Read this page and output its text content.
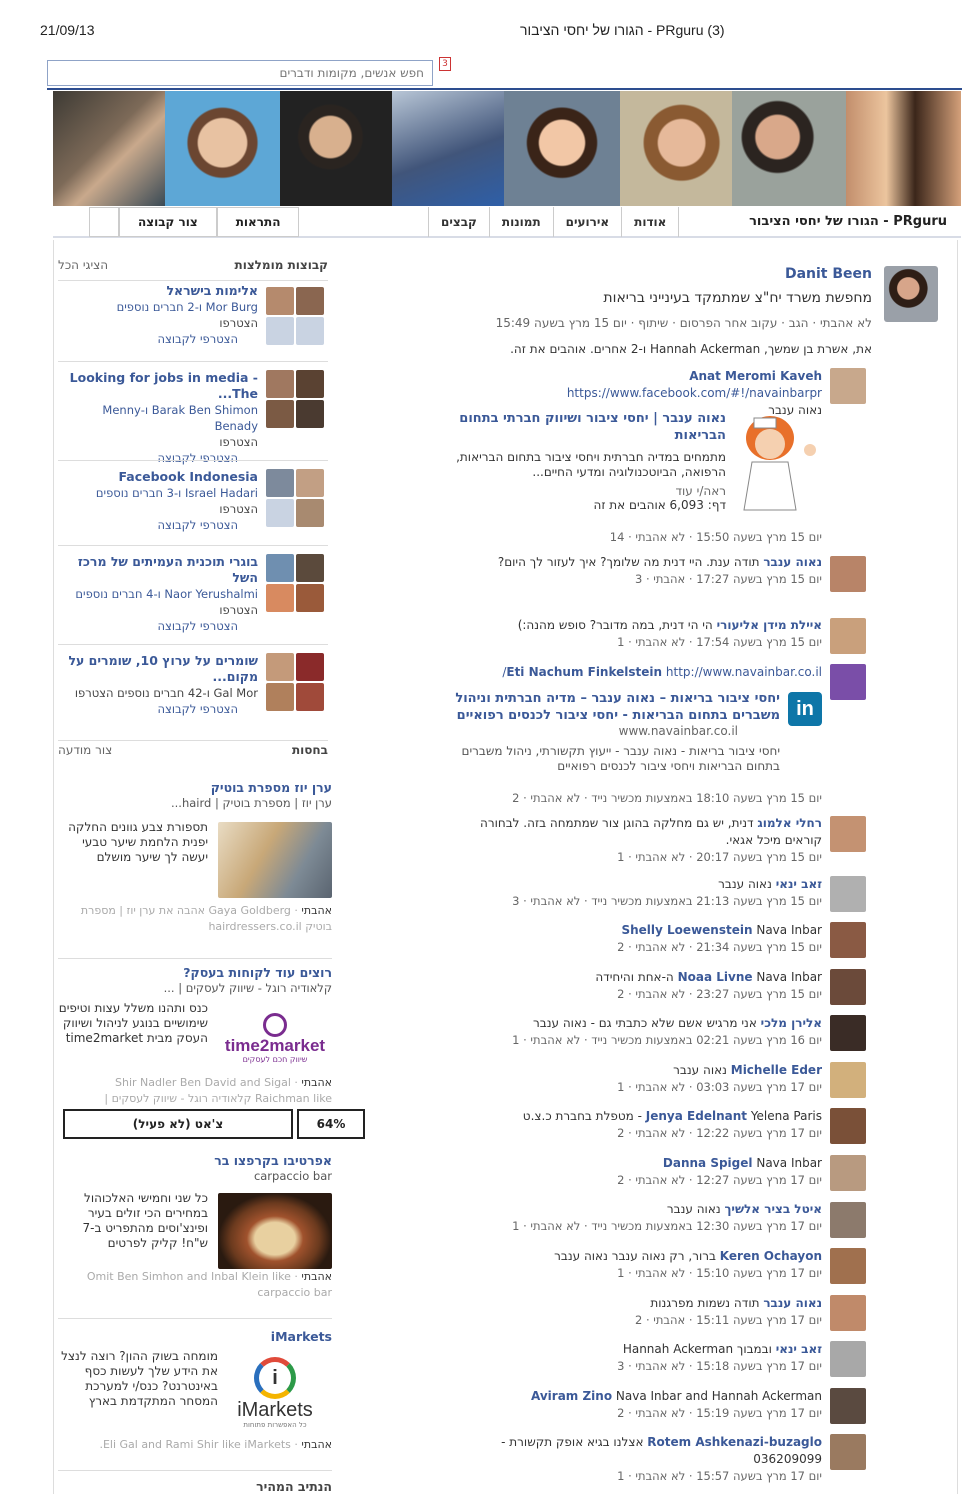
21/09/13	(3) PRguru - הגורו של יחסי הציבור
חפש אנשים, מקומות ודברים
3
PRguru - הגורו של יחסי הציבור
קבצים	תמונות	אירועים	אודות
צור קבוצה	התראות
קבוצות מומלצות
הציגי הכל
אלימות בישראל
Mor Burg ו-2 חברים נוספים
הצטרפו
הצטרפי לקבוצה
Looking for jobs in media - The...
Barak Ben Shimon ו-Menny Benady
הצטרפו
הצטרפי לקבוצה
Facebook Indonesia
Israel Hadari ו-3 חברים נוספים
הצטרפו
הצטרפי לקבוצה
בוגרי תוכנית העמיתים של מרכז השל
Naor Yerushalmi ו-4 חברים נוספים
הצטרפו
הצטרפי לקבוצה
שומרים על ערוץ 10, שומרים על מקום...
Gal Mor ו-42 חברים נוספים הצטרפו
הצטרפי לקבוצה
בחסות
צור מודעה
ערן יוז מספרת בוטיק
ערן יוז | מספרת בוטיק | haird...
תספורת צבע גוונים החלקה יפנית הלחמת שיער טבעי יעשה לך שיער מושלם
אהבתי · Gaya Goldberg אהבה את ערן יוז | מספרת בוטיק hairdressers.co.il
רוצים עוד לקוחות בעסק?
קלאודיה רוגל - שיווק לעסקים | ...
time2market
שיווק חכם לעסקים
כנס ותהנו משלל עצות וטיפים שימושיים בנוגע לניהול ושיווק העסק מבית time2market
אהבתי · Shir Nadler Ben David and Sigal Raichman like קלאודיה רוגל - שיווק לעסקים |
צ'אט (לא פעיל)	64%
אפרטיבו בקרפצו בר
carpaccio bar
כל שני וחמישי האלכוהול במחירים הכי זולים בעיר ופינצ'וסים מהתפריט ב-7 ש"ח! קליק לפרטים
אהבתי · Omit Ben Simhon and Inbal Klein like carpaccio bar
iMarkets
i
iMarkets
כל האפשרות פתוחות
מומחה בשוק ההון? רוצה לנצל את הידע שלך לעשות כסף באינטרנט? כנס/י למערכת המסחר המתקדמת בארץ
אהבתי · Eli Gal and Rami Shir like iMarkets.
הנתיב המהיר
Danit Been
מחפשת משרד יח"צ שמתמקד בעינייני בריאות
לא אהבתי · הגב · עקוב אחר הפרסום · שיתוף · יום 15 מרץ בשעה 15:49
את, אשרת בן שמשך, Hannah Ackerman ו-2 אחרים. אוהבים את זה.
Anat Meromi Kaveh https://www.facebook.com/#!/navainbarpr
נאוה ענבר
נאוה ענבר | יחסי ציבור ושיווק חברתי בתחום הבריאות
מתמחים במדיה חברתית ויחסי ציבור בתחום הבריאות, הרפואה, הביוטכנולוגיה ומדעי החיים...
ראה/י עוד
דף: 6,093 אוהבים את זה
יום 15 מרץ בשעה 15:50 · לא אהבתי · 14
נאוה ענבר תודה ענת. היי דנית מה שלומך? איך לעזור לך היום?
יום 15 מרץ בשעה 17:27 · אהבתי · 3
איילת מידן אליעורי הי הי דנית, במה מדובר? סופש מהנה:)
יום 15 מרץ בשעה 17:54 · לא אהבתי · 1
Eti Nachum Finkelstein http://www.navainbar.co.il/
in
יחסי ציבור בריאות – נאוה ענבר – מדיה חברתית וניהול משברים בתחום הבריאות - יחסי ציבור לכנסים רפואיים
www.navainbar.co.il
יחסי ציבור בריאות - נאוה ענבר - ייעוץ תקשורתי, ניהול משברים בתחום הבריאות ויחסי ציבור לכנסים רפואיים
יום 15 מרץ בשעה 18:10 באמצעות מכשיר נייד · לא אהבתי · 2
רחלי אלמוג דנית, יש גם מחלקה בהוגן צור שמתמחה בזה. לבחורה קוראים מיכל אגאי.
יום 15 מרץ בשעה 20:17 · לא אהבתי · 1
זאב ינאי נאוה ענבר
יום 15 מרץ בשעה 21:13 באמצעות מכשיר נייד · לא אהבתי · 3
Shelly Loewenstein Nava Inbar
יום 15 מרץ בשעה 21:34 · לא אהבתי · 2
Noaa Livne Nava Inbar ה-אחת והיחידה
יום 15 מרץ בשעה 23:27 · לא אהבתי · 2
אלירן מלכי אני מרגיש אשם שלא כתבתי גם - נאוה ענבר
יום 16 מרץ בשעה 02:21 באמצעות מכשיר נייד · לא אהבתי · 1
Michelle Eder נאוה ענבר
יום 17 מרץ בשעה 03:03 · לא אהבתי · 1
Jenya Edelnant Yelena Paris - מטפלת בחברת כ.צ.ט
יום 17 מרץ בשעה 12:22 · לא אהבתי · 2
Danna Spigel Nava Inbar
יום 17 מרץ בשעה 12:27 · לא אהבתי · 2
איטל בציר אלשיך נאוה ענבר
יום 17 מרץ בשעה 12:30 באמצעות מכשיר נייד · לא אהבתי · 1
Keren Ochayon ברור, רק נאוה ענבר נאוה ענבר
יום 17 מרץ בשעה 15:10 · לא אהבתי · 1
נאוה ענבר תודה נשמות מפרגנות
יום 17 מרץ בשעה 15:11 · אהבתי · 2
זאב ינאי ובמבוך Hannah Ackerman
יום 17 מרץ בשעה 15:18 · לא אהבתי · 3
Aviram Zino Nava Inbar and Hannah Ackerman
יום 17 מרץ בשעה 15:19 · לא אהבתי · 2
Rotem Ashkenazi-buzaglo אצלנו בגיא אופק תקשורת -
036209099
יום 17 מרץ בשעה 15:57 · לא אהבתי · 1
